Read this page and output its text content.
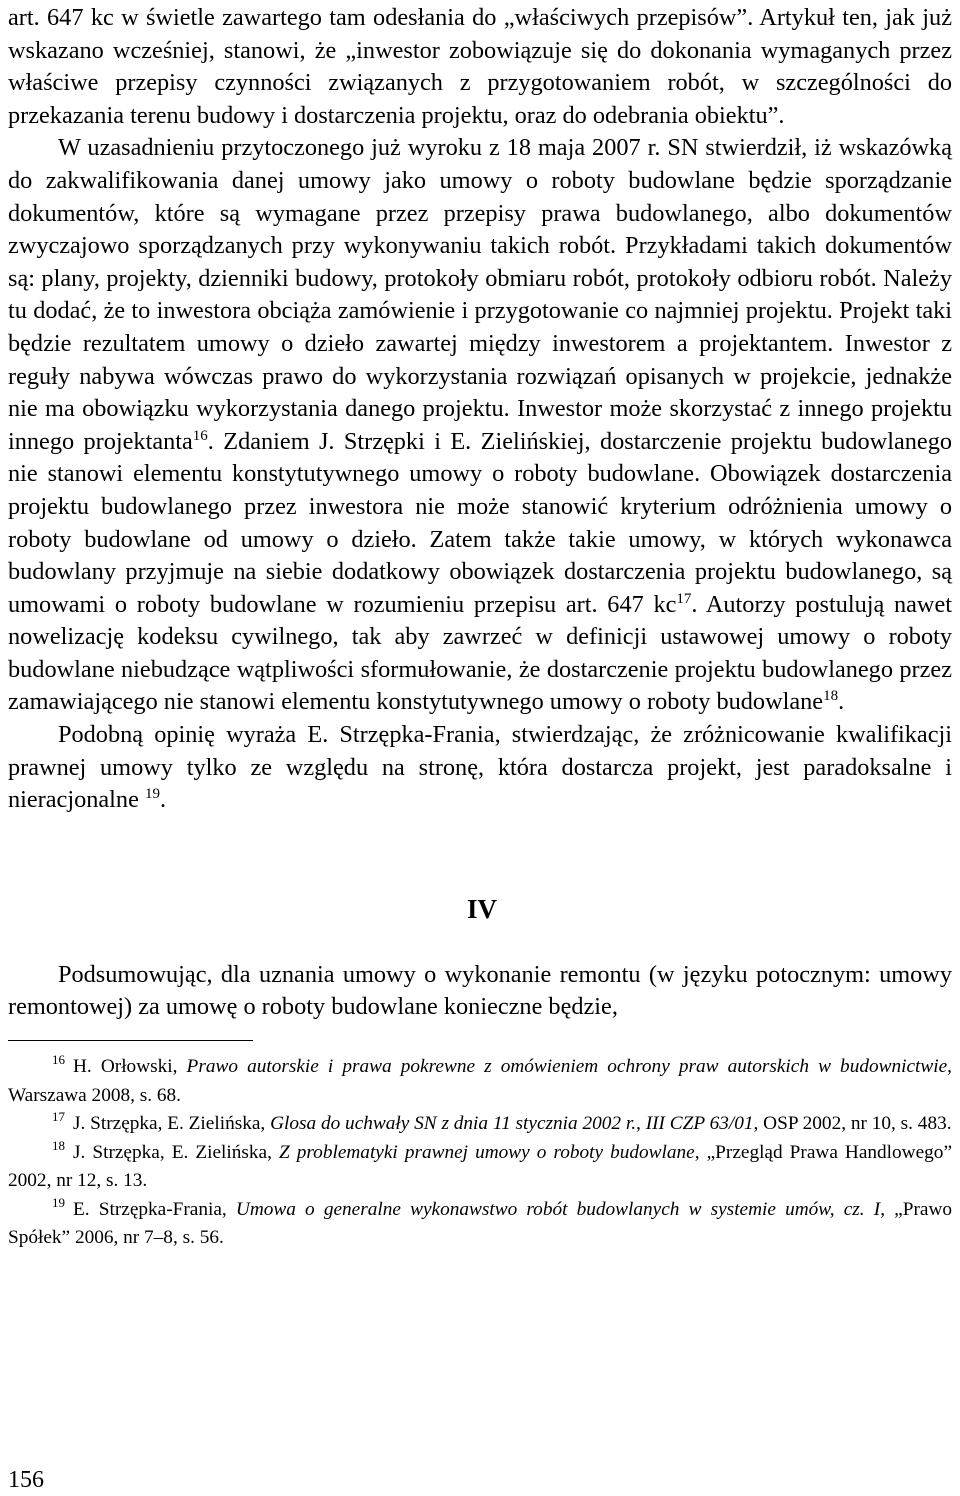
art. 647 kc w świetle zawartego tam odesłania do „właściwych przepisów”. Artykuł ten, jak już wskazano wcześniej, stanowi, że „inwestor zobowiązuje się do dokonania wymaganych przez właściwe przepisy czynności związanych z przygotowaniem robót, w szczególności do przekazania terenu budowy i dostarczenia projektu, oraz do odebrania obiektu”.

W uzasadnieniu przytoczonego już wyroku z 18 maja 2007 r. SN stwierdził, iż wskazówką do zakwalifikowania danej umowy jako umowy o roboty budowlane będzie sporządzanie dokumentów, które są wymagane przez przepisy prawa budowlanego, albo dokumentów zwyczajowo sporządzanych przy wykonywaniu takich robót. Przykładami takich dokumentów są: plany, projekty, dzienniki budowy, protokoły obmiaru robót, protokoły odbioru robót. Należy tu dodać, że to inwestora obciąża zamówienie i przygotowanie co najmniej projektu. Projekt taki będzie rezultatem umowy o dzieło zawartej między inwestorem a projektantem. Inwestor z reguły nabywa wówczas prawo do wykorzystania rozwiązań opisanych w projekcie, jednakże nie ma obowiązku wykorzystania danego projektu. Inwestor może skorzystać z innego projektu innego projektanta$^{16}$. Zdaniem J. Strzępki i E. Zielińskiej, dostarczenie projektu budowlanego nie stanowi elementu konstytutywnego umowy o roboty budowlane. Obowiązek dostarczenia projektu budowlanego przez inwestora nie może stanowić kryterium odróżnienia umowy o roboty budowlane od umowy o dzieło. Zatem także takie umowy, w których wykonawca budowlany przyjmuje na siebie dodatkowy obowiązek dostarczenia projektu budowlanego, są umowami o roboty budowlane w rozumieniu przepisu art. 647 $kc^{17}$. Autorzy postulują nawet nowelizację kodeksu cywilnego, tak aby zawrzeć w definicji ustawowej umowy o roboty budowlane niebudzące wątpliwości sformułowanie, że dostarczenie projektu budowlanego przez zamawiającego nie stanowi elementu konstytutywnego umowy o roboty budowlane$^{18}$.

Podobną opinię wyraża E. Strzępka-Frania, stwierdzając, że zróżnicowanie kwalifikacji prawnej umowy tylko ze względu na stronę, która dostarcza projekt, jest paradoksalne i nieracjonalne $^{19}$.

IV

Podsumowując, dla uznania umowy o wykonanie remontu (w języku potocznym: umowy remontowej) za umowę o roboty budowlane konieczne będzie,

$^{16}$ H. Orłowski, Prawo autorskie i prawa pokrewne z omówieniem ochrony praw autorskich w budownictwie, Warszawa 2008, s. 68.

$^{17}$ J. Strzępka, E. Zielińska, Glosa do uchwały SN z dnia 11 stycznia 2002 r., III CZP 63/01, OSP 2002, nr 10, s. 483.

$^{18}$ J. Strzępka, E. Zielińska, Z problematyki prawnej umowy o roboty budowlane, „Przegląd Prawa Handlowego” 2002, nr 12, s. 13.

$^{19}$ E. Strzępka-Frania, Umowa o generalne wykonawstwo robót budowlanych w systemie umów, cz. I, „Prawo Spółek” 2006, nr 7–8, s. 56.

156
